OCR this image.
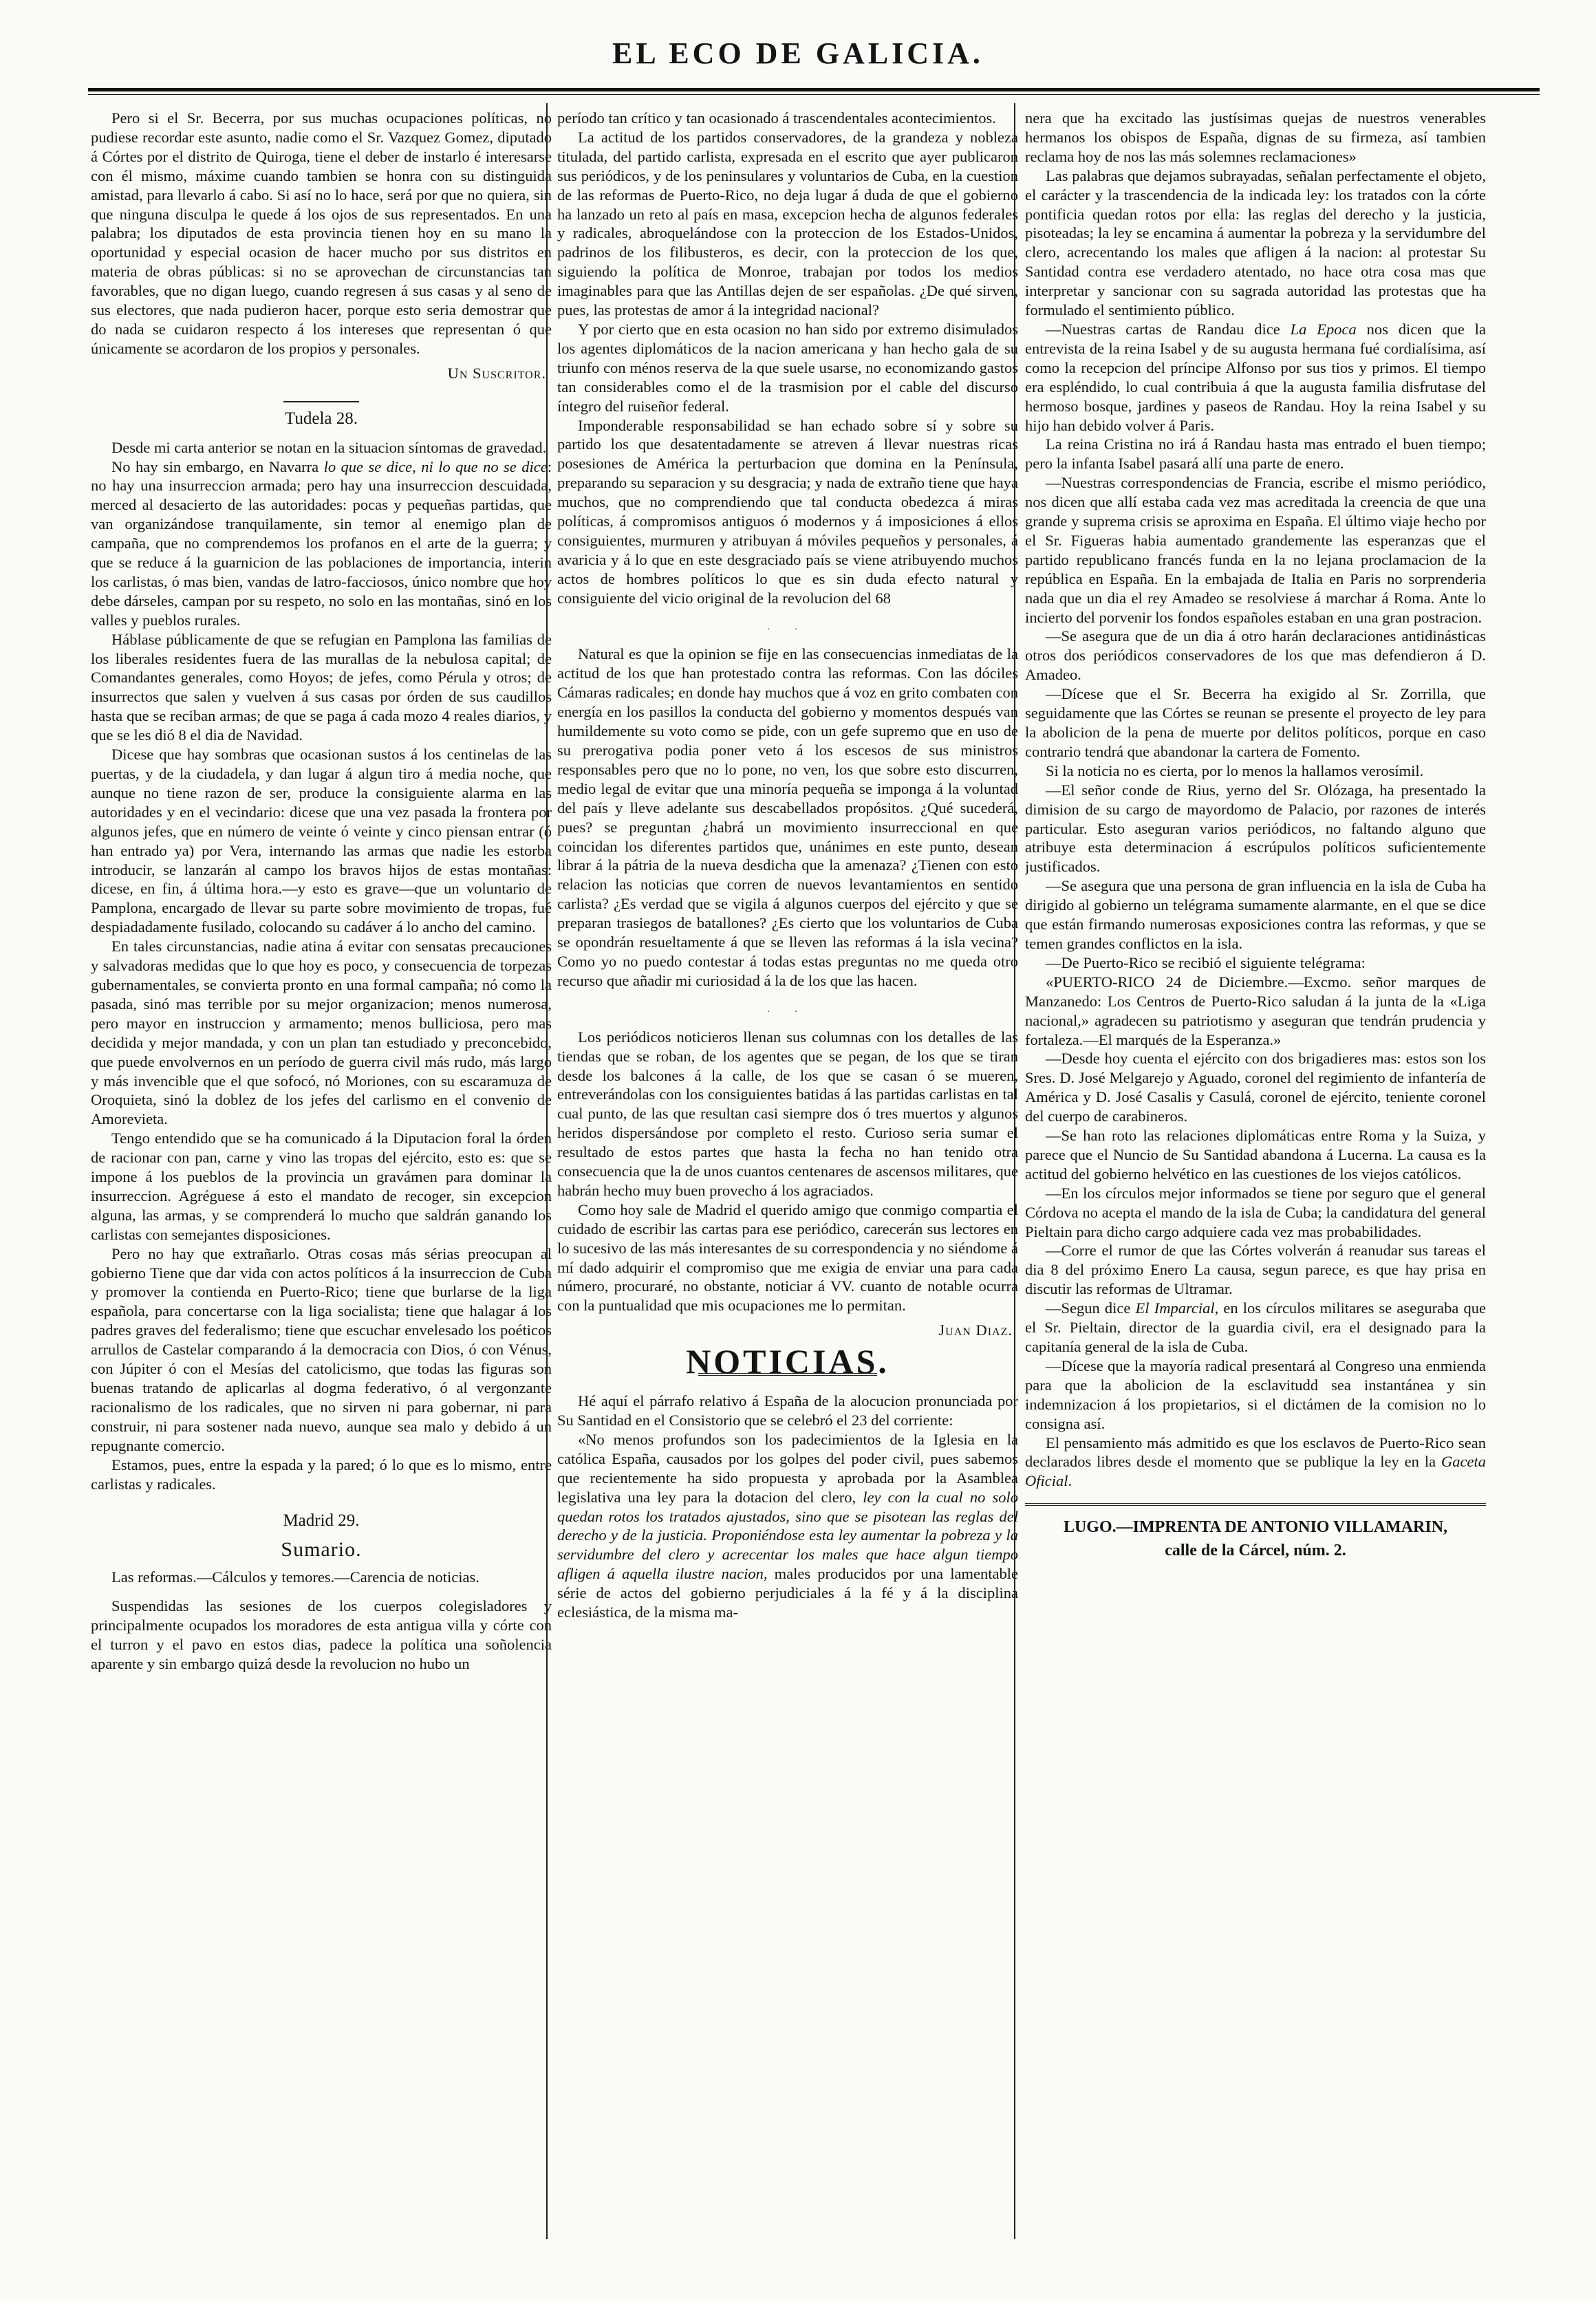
EL ECO DE GALICIA.

Pero si el Sr. Becerra, por sus muchas ocupaciones políticas, no pudiese recordar este asunto, nadie como el Sr. Vazquez Gomez, diputado á Córtes por el distrito de Quiroga, tiene el deber de instarlo é interesarse con él mismo, máxime cuando tambien se honra con su distinguida amistad, para llevarlo á cabo. Si así no lo hace, será por que no quiera, sin que ninguna disculpa le quede á los ojos de sus representados. En una palabra; los diputados de esta provincia tienen hoy en su mano la oportunidad y especial ocasion de hacer mucho por sus distritos en materia de obras públicas: si no se aprovechan de circunstancias tan favorables, que no digan luego, cuando regresen á sus casas y al seno de sus electores, que nada pudieron hacer, porque esto seria demostrar que do nada se cuidaron respecto á los intereses que representan ó que únicamente se acordaron de los propios y personales.

Un Suscritor.
Tudela 28.

Desde mi carta anterior se notan en la situacion síntomas de gravedad.

No hay sin embargo, en Navarra lo que se dice, ni lo que no se dice: no hay una insurreccion armada; pero hay una insurreccion descuidada, merced al desacierto de las autoridades: pocas y pequeñas partidas, que van organizándose tranquilamente, sin temor al enemigo plan de campaña, que no comprendemos los profanos en el arte de la guerra; y que se reduce á la guarnicion de las poblaciones de importancia, interin los carlistas, ó mas bien, vandas de latro-facciosos, único nombre que hoy debe dárseles, campan por su respeto, no solo en las montañas, sinó en los valles y pueblos rurales.

Háblase públicamente de que se refugian en Pamplona las familias de los liberales residentes fuera de las murallas de la nebulosa capital; de Comandantes generales, como Hoyos; de jefes, como Pérula y otros; de insurrectos que salen y vuelven á sus casas por órden de sus caudillos hasta que se reciban armas; de que se paga á cada mozo 4 reales diarios, y que se les dió 8 el dia de Navidad.

Dicese que hay sombras que ocasionan sustos á los centinelas de las puertas, y de la ciudadela, y dan lugar á algun tiro á media noche, que aunque no tiene razon de ser, produce la consiguiente alarma en las autoridades y en el vecindario: dicese que una vez pasada la frontera por algunos jefes, que en número de veinte ó veinte y cinco piensan entrar (ó han entrado ya) por Vera, internando las armas que nadie les estorba introducir, se lanzarán al campo los bravos hijos de estas montañas: dicese, en fin, á última hora.—y esto es grave—que un voluntario de Pamplona, encargado de llevar su parte sobre movimiento de tropas, fué despiadadamente fusilado, colocando su cadáver á lo ancho del camino.

En tales circunstancias, nadie atina á evitar con sensatas precauciones y salvadoras medidas que lo que hoy es poco, y consecuencia de torpezas gubernamentales, se convierta pronto en una formal campaña; nó como la pasada, sinó mas terrible por su mejor organizacion; menos numerosa, pero mayor en instruccion y armamento; menos bulliciosa, pero mas decidida y mejor mandada, y con un plan tan estudiado y preconcebido, que puede envolvernos en un período de guerra civil más rudo, más largo y más invencible que el que sofocó, nó Moriones, con su escaramuza de Oroquieta, sinó la doblez de los jefes del carlismo en el convenio de Amorevieta.

Tengo entendido que se ha comunicado á la Diputacion foral la órden de racionar con pan, carne y vino las tropas del ejército, esto es: que se impone á los pueblos de la provincia un gravámen para dominar la insurreccion. Agréguese á esto el mandato de recoger, sin excepcion alguna, las armas, y se comprenderá lo mucho que saldrán ganando los carlistas con semejantes disposiciones.

Pero no hay que extrañarlo. Otras cosas más sérias preocupan al gobierno Tiene que dar vida con actos políticos á la insurreccion de Cuba y promover la contienda en Puerto-Rico; tiene que burlarse de la liga española, para concertarse con la liga socialista; tiene que halagar á los padres graves del federalismo; tiene que escuchar envelesado los poéticos arrullos de Castelar comparando á la democracia con Dios, ó con Vénus, con Júpiter ó con el Mesías del catolicismo, que todas las figuras son buenas tratando de aplicarlas al dogma federativo, ó al vergonzante racionalismo de los radicales, que no sirven ni para gobernar, ni para construir, ni para sostener nada nuevo, aunque sea malo y debido á un repugnante comercio.

Estamos, pues, entre la espada y la pared; ó lo que es lo mismo, entre carlistas y radicales.

Madrid 29.
Sumario.

Las reformas.—Cálculos y temores.—Carencia de noticias.

Suspendidas las sesiones de los cuerpos colegisladores y principalmente ocupados los moradores de esta antigua villa y córte con el turron y el pavo en estos dias, padece la política una soñolencia aparente y sin embargo quizá desde la revolucion no hubo un

período tan crítico y tan ocasionado á trascendentales acontecimientos.

La actitud de los partidos conservadores, de la grandeza y nobleza titulada, del partido carlista, expresada en el escrito que ayer publicaron sus periódicos, y de los peninsulares y voluntarios de Cuba, en la cuestion de las reformas de Puerto-Rico, no deja lugar á duda de que el gobierno ha lanzado un reto al país en masa, excepcion hecha de algunos federales y radicales, abroquelándose con la proteccion de los Estados-Unidos, padrinos de los filibusteros, es decir, con la proteccion de los que, siguiendo la política de Monroe, trabajan por todos los medios imaginables para que las Antillas dejen de ser españolas. ¿De qué sirven, pues, las protestas de amor á la integridad nacional?

Y por cierto que en esta ocasion no han sido por extremo disimulados los agentes diplomáticos de la nacion americana y han hecho gala de su triunfo con ménos reserva de la que suele usarse, no economizando gastos tan considerables como el de la trasmision por el cable del discurso íntegro del ruiseñor federal.

Imponderable responsabilidad se han echado sobre sí y sobre su partido los que desatentadamente se atreven á llevar nuestras ricas posesiones de América la perturbacion que domina en la Península, preparando su separacion y su desgracia; y nada de extraño tiene que haya muchos, que no comprendiendo que tal conducta obedezca á miras políticas, á compromisos antiguos ó modernos y á imposiciones á ellos consiguientes, murmuren y atribuyan á móviles pequeños y personales, á avaricia y á lo que en este desgraciado país se viene atribuyendo muchos actos de hombres políticos lo que es sin duda efecto natural y consiguiente del vicio original de la revolucion del 68

· ·

Natural es que la opinion se fije en las consecuencias inmediatas de la actitud de los que han protestado contra las reformas. Con las dóciles Cámaras radicales; en donde hay muchos que á voz en grito combaten con energía en los pasillos la conducta del gobierno y momentos después van humildemente su voto como se pide, con un gefe supremo que en uso de su prerogativa podia poner veto á los escesos de sus ministros responsables pero que no lo pone, no ven, los que sobre esto discurren, medio legal de evitar que una minoría pequeña se imponga á la voluntad del país y lleve adelante sus descabellados propósitos. ¿Qué sucederá, pues? se preguntan ¿habrá un movimiento insurreccional en que coincidan los diferentes partidos que, unánimes en este punto, desean librar á la pátria de la nueva desdicha que la amenaza? ¿Tienen con esto relacion las noticias que corren de nuevos levantamientos en sentido carlista? ¿Es verdad que se vigila á algunos cuerpos del ejército y que se preparan trasiegos de batallones? ¿Es cierto que los voluntarios de Cuba se opondrán resueltamente á que se lleven las reformas á la isla vecina? Como yo no puedo contestar á todas estas preguntas no me queda otro recurso que añadir mi curiosidad á la de los que las hacen.

· ·

Los periódicos noticieros llenan sus columnas con los detalles de las tiendas que se roban, de los agentes que se pegan, de los que se tiran desde los balcones á la calle, de los que se casan ó se mueren, entreverándolas con los consiguientes batidas á las partidas carlistas en tal cual punto, de las que resultan casi siempre dos ó tres muertos y algunos heridos dispersándose por completo el resto. Curioso seria sumar el resultado de estos partes que hasta la fecha no han tenido otra consecuencia que la de unos cuantos centenares de ascensos militares, que habrán hecho muy buen provecho á los agraciados.

Como hoy sale de Madrid el querido amigo que conmigo compartia el cuidado de escribir las cartas para ese periódico, carecerán sus lectores en lo sucesivo de las más interesantes de su correspondencia y no siéndome á mí dado adquirir el compromiso que me exigia de enviar una para cada número, procuraré, no obstante, noticiar á VV. cuanto de notable ocurra con la puntualidad que mis ocupaciones me lo permitan.

Juan Diaz.
NOTICIAS.

Hé aquí el párrafo relativo á España de la alocucion pronunciada por Su Santidad en el Consistorio que se celebró el 23 del corriente:

«No menos profundos son los padecimientos de la Iglesia en la católica España, causados por los golpes del poder civil, pues sabemos que recientemente ha sido propuesta y aprobada por la Asamblea legislativa una ley para la dotacion del clero, ley con la cual no solo quedan rotos los tratados ajustados, sino que se pisotean las reglas del derecho y de la justicia. Proponiéndose esta ley aumentar la pobreza y la servidumbre del clero y acrecentar los males que hace algun tiempo afligen á aquella ilustre nacion, males producidos por una lamentable série de actos del gobierno perjudiciales á la fé y á la disciplina eclesiástica, de la misma ma-

nera que ha excitado las justísimas quejas de nuestros venerables hermanos los obispos de España, dignas de su firmeza, así tambien reclama hoy de nos las más solemnes reclamaciones»

Las palabras que dejamos subrayadas, señalan perfectamente el objeto, el carácter y la trascendencia de la indicada ley: los tratados con la córte pontificia quedan rotos por ella: las reglas del derecho y la justicia, pisoteadas; la ley se encamina á aumentar la pobreza y la servidumbre del clero, acrecentando los males que afligen á la nacion: al protestar Su Santidad contra ese verdadero atentado, no hace otra cosa mas que interpretar y sancionar con su sagrada autoridad las protestas que ha formulado el sentimiento público.

—Nuestras cartas de Randau dice La Epoca nos dicen que la entrevista de la reina Isabel y de su augusta hermana fué cordialísima, así como la recepcion del príncipe Alfonso por sus tios y primos. El tiempo era espléndido, lo cual contribuia á que la augusta familia disfrutase del hermoso bosque, jardines y paseos de Randau. Hoy la reina Isabel y su hijo han debido volver á Paris.

La reina Cristina no irá á Randau hasta mas entrado el buen tiempo; pero la infanta Isabel pasará allí una parte de enero.

—Nuestras correspondencias de Francia, escribe el mismo periódico, nos dicen que allí estaba cada vez mas acreditada la creencia de que una grande y suprema crisis se aproxima en España. El último viaje hecho por el Sr. Figueras habia aumentado grandemente las esperanzas que el partido republicano francés funda en la no lejana proclamacion de la república en España. En la embajada de Italia en Paris no sorprenderia nada que un dia el rey Amadeo se resolviese á marchar á Roma. Ante lo incierto del porvenir los fondos españoles estaban en una gran postracion.

—Se asegura que de un dia á otro harán declaraciones antidinásticas otros dos periódicos conservadores de los que mas defendieron á D. Amadeo.

—Dícese que el Sr. Becerra ha exigido al Sr. Zorrilla, que seguidamente que las Córtes se reunan se presente el proyecto de ley para la abolicion de la pena de muerte por delitos políticos, porque en caso contrario tendrá que abandonar la cartera de Fomento.

Si la noticia no es cierta, por lo menos la hallamos verosímil.

—El señor conde de Rius, yerno del Sr. Olózaga, ha presentado la dimision de su cargo de mayordomo de Palacio, por razones de interés particular. Esto aseguran varios periódicos, no faltando alguno que atribuye esta determinacion á escrúpulos políticos suficientemente justificados.

—Se asegura que una persona de gran influencia en la isla de Cuba ha dirigido al gobierno un telégrama sumamente alarmante, en el que se dice que están firmando numerosas exposiciones contra las reformas, y que se temen grandes conflictos en la isla.

—De Puerto-Rico se recibió el siguiente telégrama:

«PUERTO-RICO 24 de Diciembre.—Excmo. señor marques de Manzanedo: Los Centros de Puerto-Rico saludan á la junta de la «Liga nacional,» agradecen su patriotismo y aseguran que tendrán prudencia y fortaleza.—El marqués de la Esperanza.»

—Desde hoy cuenta el ejército con dos brigadieres mas: estos son los Sres. D. José Melgarejo y Aguado, coronel del regimiento de infantería de América y D. José Casalis y Casulá, coronel de ejército, teniente coronel del cuerpo de carabineros.

—Se han roto las relaciones diplomáticas entre Roma y la Suiza, y parece que el Nuncio de Su Santidad abandona á Lucerna. La causa es la actitud del gobierno helvético en las cuestiones de los viejos católicos.

—En los círculos mejor informados se tiene por seguro que el general Córdova no acepta el mando de la isla de Cuba; la candidatura del general Pieltain para dicho cargo adquiere cada vez mas probabilidades.

—Corre el rumor de que las Córtes volverán á reanudar sus tareas el dia 8 del próximo Enero La causa, segun parece, es que hay prisa en discutir las reformas de Ultramar.

—Segun dice El Imparcial, en los círculos militares se aseguraba que el Sr. Pieltain, director de la guardia civil, era el designado para la capitanía general de la isla de Cuba.

—Dícese que la mayoría radical presentará al Congreso una enmienda para que la abolicion de la esclavitudd sea instantánea y sin indemnizacion á los propietarios, si el dictámen de la comision no lo consigna así.

El pensamiento más admitido es que los esclavos de Puerto-Rico sean declarados libres desde el momento que se publique la ley en la Gaceta Oficial.

LUGO.—IMPRENTA DE ANTONIO VILLAMARIN,
calle de la Cárcel, núm. 2.
